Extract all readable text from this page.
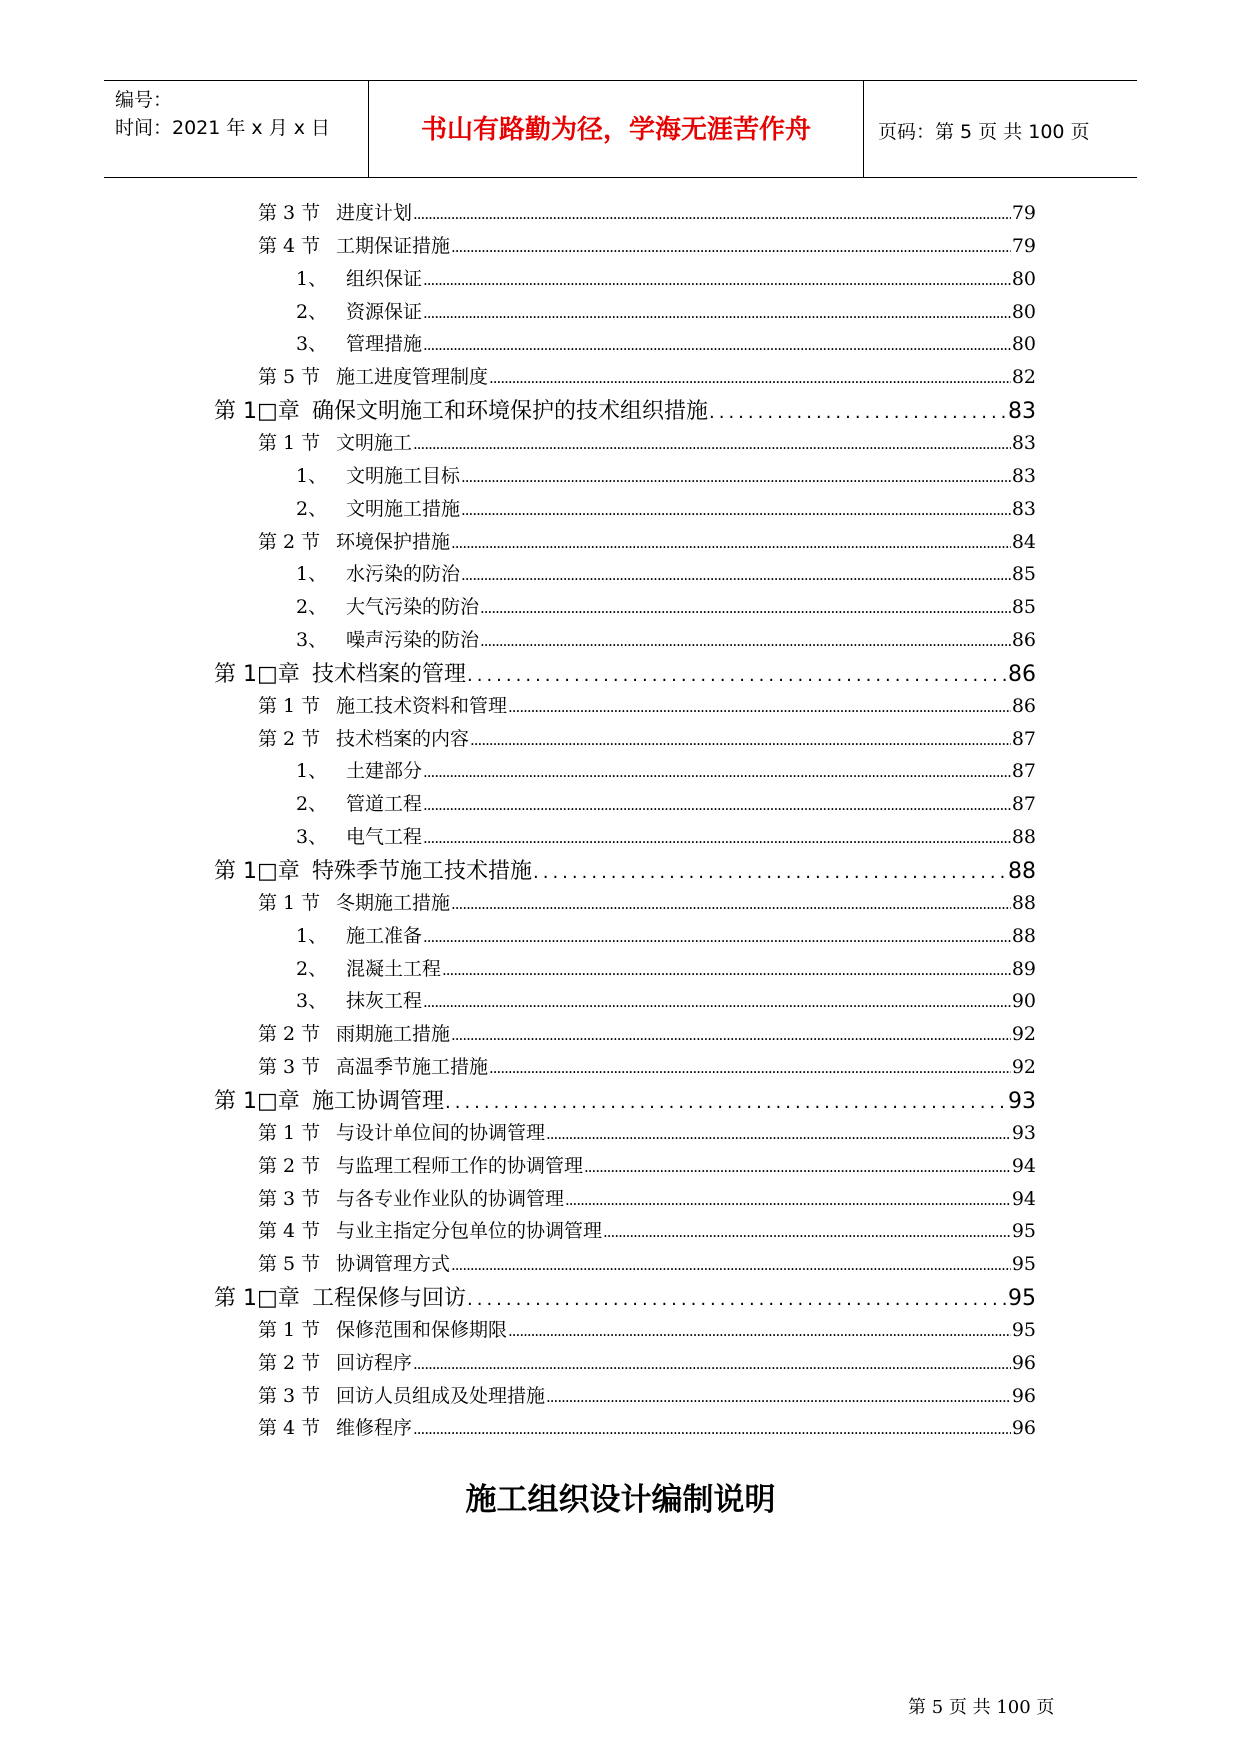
编号：
时间：2021 年 x 月 x 日	书山有路勤为径，学海无涯苦作舟	页码：第 5 页 共 100 页
第 3 节 进度计划 .....	79
第 4 节 工期保证措施 .....	79
1、 组织保证 .....	80
2、 资源保证 .....	80
3、 管理措施 .....	80
第 5 节 施工进度管理制度 .....	82
第 1□章 确保文明施工和环境保护的技术组织措施 .....	83
第 1 节 文明施工 .....	83
1、 文明施工目标 .....	83
2、 文明施工措施 .....	83
第 2 节 环境保护措施 .....	84
1、 水污染的防治 .....	85
2、 大气污染的防治 .....	85
3、 噪声污染的防治 .....	86
第 1□章 技术档案的管理 .....	86
第 1 节 施工技术资料和管理 .....	86
第 2 节 技术档案的内容 .....	87
1、 土建部分 .....	87
2、 管道工程 .....	87
3、 电气工程 .....	88
第 1□章 特殊季节施工技术措施 .....	88
第 1 节 冬期施工措施 .....	88
1、 施工准备 .....	88
2、 混凝土工程 .....	89
3、 抹灰工程 .....	90
第 2 节 雨期施工措施 .....	92
第 3 节 高温季节施工措施 .....	92
第 1□章 施工协调管理 .....	93
第 1 节 与设计单位间的协调管理 .....	93
第 2 节 与监理工程师工作的协调管理 .....	94
第 3 节 与各专业作业队的协调管理 .....	94
第 4 节 与业主指定分包单位的协调管理 .....	95
第 5 节 协调管理方式 .....	95
第 1□章 工程保修与回访 .....	95
第 1 节 保修范围和保修期限 .....	95
第 2 节 回访程序 .....	96
第 3 节 回访人员组成及处理措施 .....	96
第 4 节 维修程序 .....	96
施工组织设计编制说明
第 5 页 共 100 页
